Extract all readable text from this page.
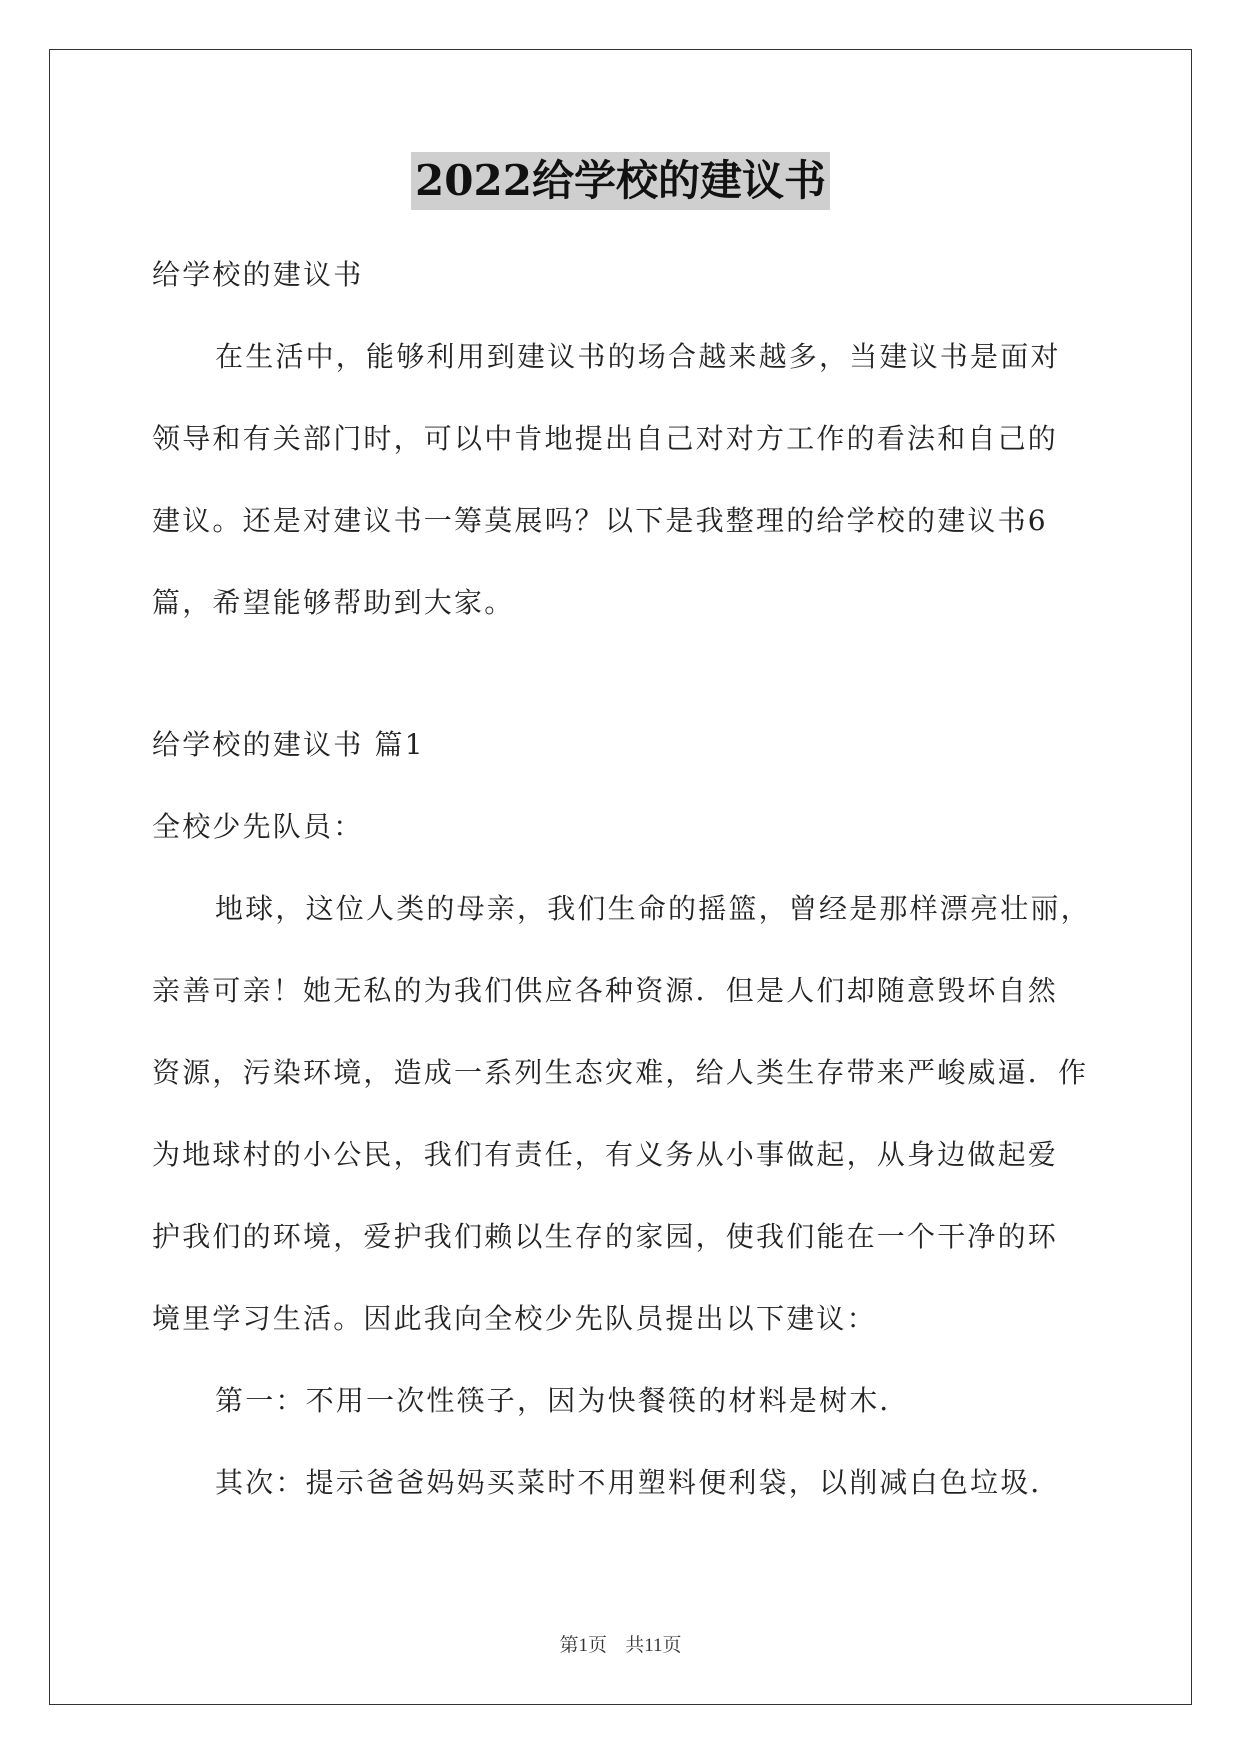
2022给学校的建议书
给学校的建议书
在生活中，能够利用到建议书的场合越来越多，当建议书是面对
领导和有关部门时，可以中肯地提出自己对对方工作的看法和自己的
建议。还是对建议书一筹莫展吗？以下是我整理的给学校的建议书6
篇，希望能够帮助到大家。
给学校的建议书 篇1
全校少先队员：
地球，这位人类的母亲，我们生命的摇篮，曾经是那样漂亮壮丽，
亲善可亲！她无私的为我们供应各种资源．但是人们却随意毁坏自然
资源，污染环境，造成一系列生态灾难，给人类生存带来严峻威逼．作
为地球村的小公民，我们有责任，有义务从小事做起，从身边做起爱
护我们的环境，爱护我们赖以生存的家园，使我们能在一个干净的环
境里学习生活。因此我向全校少先队员提出以下建议：
第一：不用一次性筷子，因为快餐筷的材料是树木．
其次：提示爸爸妈妈买菜时不用塑料便利袋，以削减白色垃圾．
第1页 共11页
